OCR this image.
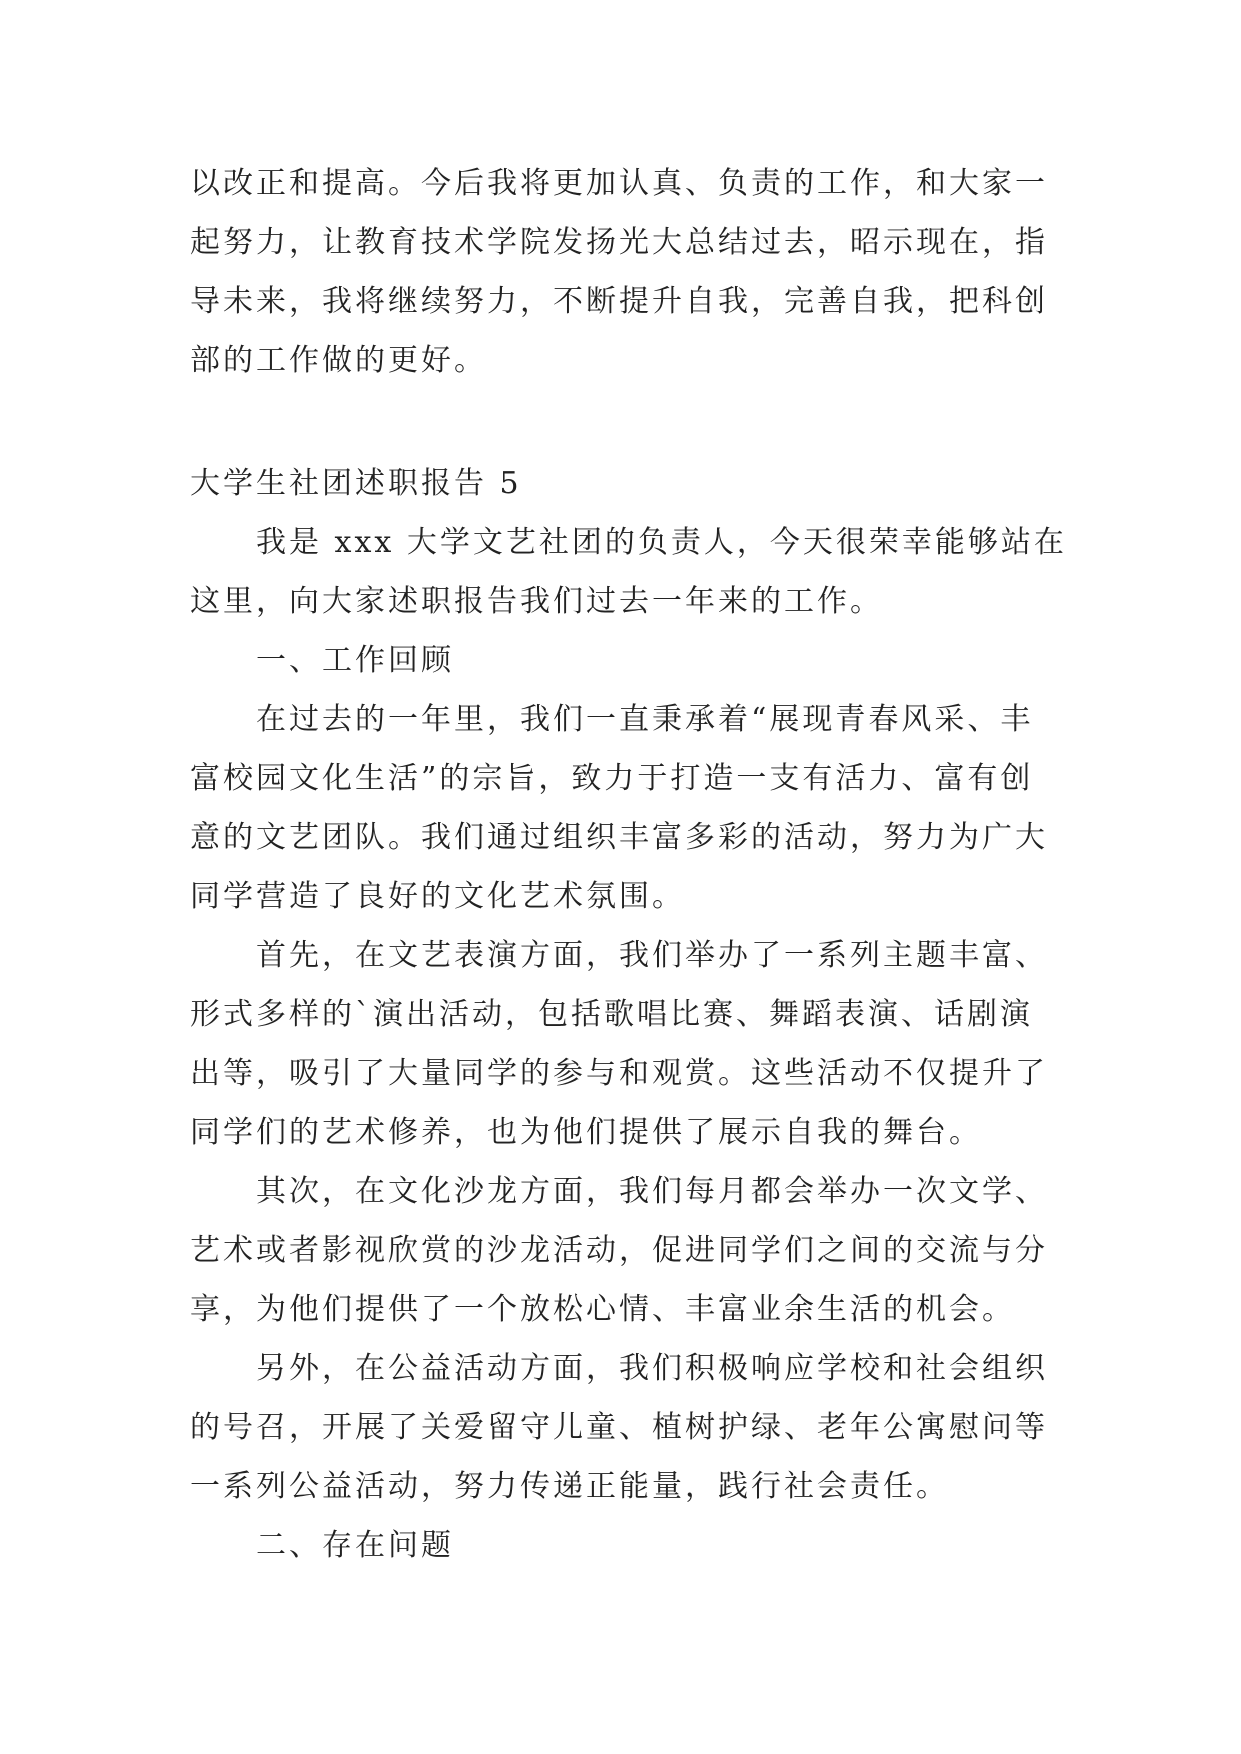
以改正和提高。今后我将更加认真、负责的工作，和大家一
起努力，让教育技术学院发扬光大总结过去，昭示现在，指
导未来，我将继续努力，不断提升自我，完善自我，把科创
部的工作做的更好。
大学生社团述职报告 5
我是 xxx 大学文艺社团的负责人，今天很荣幸能够站在
这里，向大家述职报告我们过去一年来的工作。
一、工作回顾
在过去的一年里，我们一直秉承着“展现青春风采、丰
富校园文化生活”的宗旨，致力于打造一支有活力、富有创
意的文艺团队。我们通过组织丰富多彩的活动，努力为广大
同学营造了良好的文化艺术氛围。
首先，在文艺表演方面，我们举办了一系列主题丰富、
形式多样的`演出活动，包括歌唱比赛、舞蹈表演、话剧演
出等，吸引了大量同学的参与和观赏。这些活动不仅提升了
同学们的艺术修养，也为他们提供了展示自我的舞台。
其次，在文化沙龙方面，我们每月都会举办一次文学、
艺术或者影视欣赏的沙龙活动，促进同学们之间的交流与分
享，为他们提供了一个放松心情、丰富业余生活的机会。
另外，在公益活动方面，我们积极响应学校和社会组织
的号召，开展了关爱留守儿童、植树护绿、老年公寓慰问等
一系列公益活动，努力传递正能量，践行社会责任。
二、存在问题
